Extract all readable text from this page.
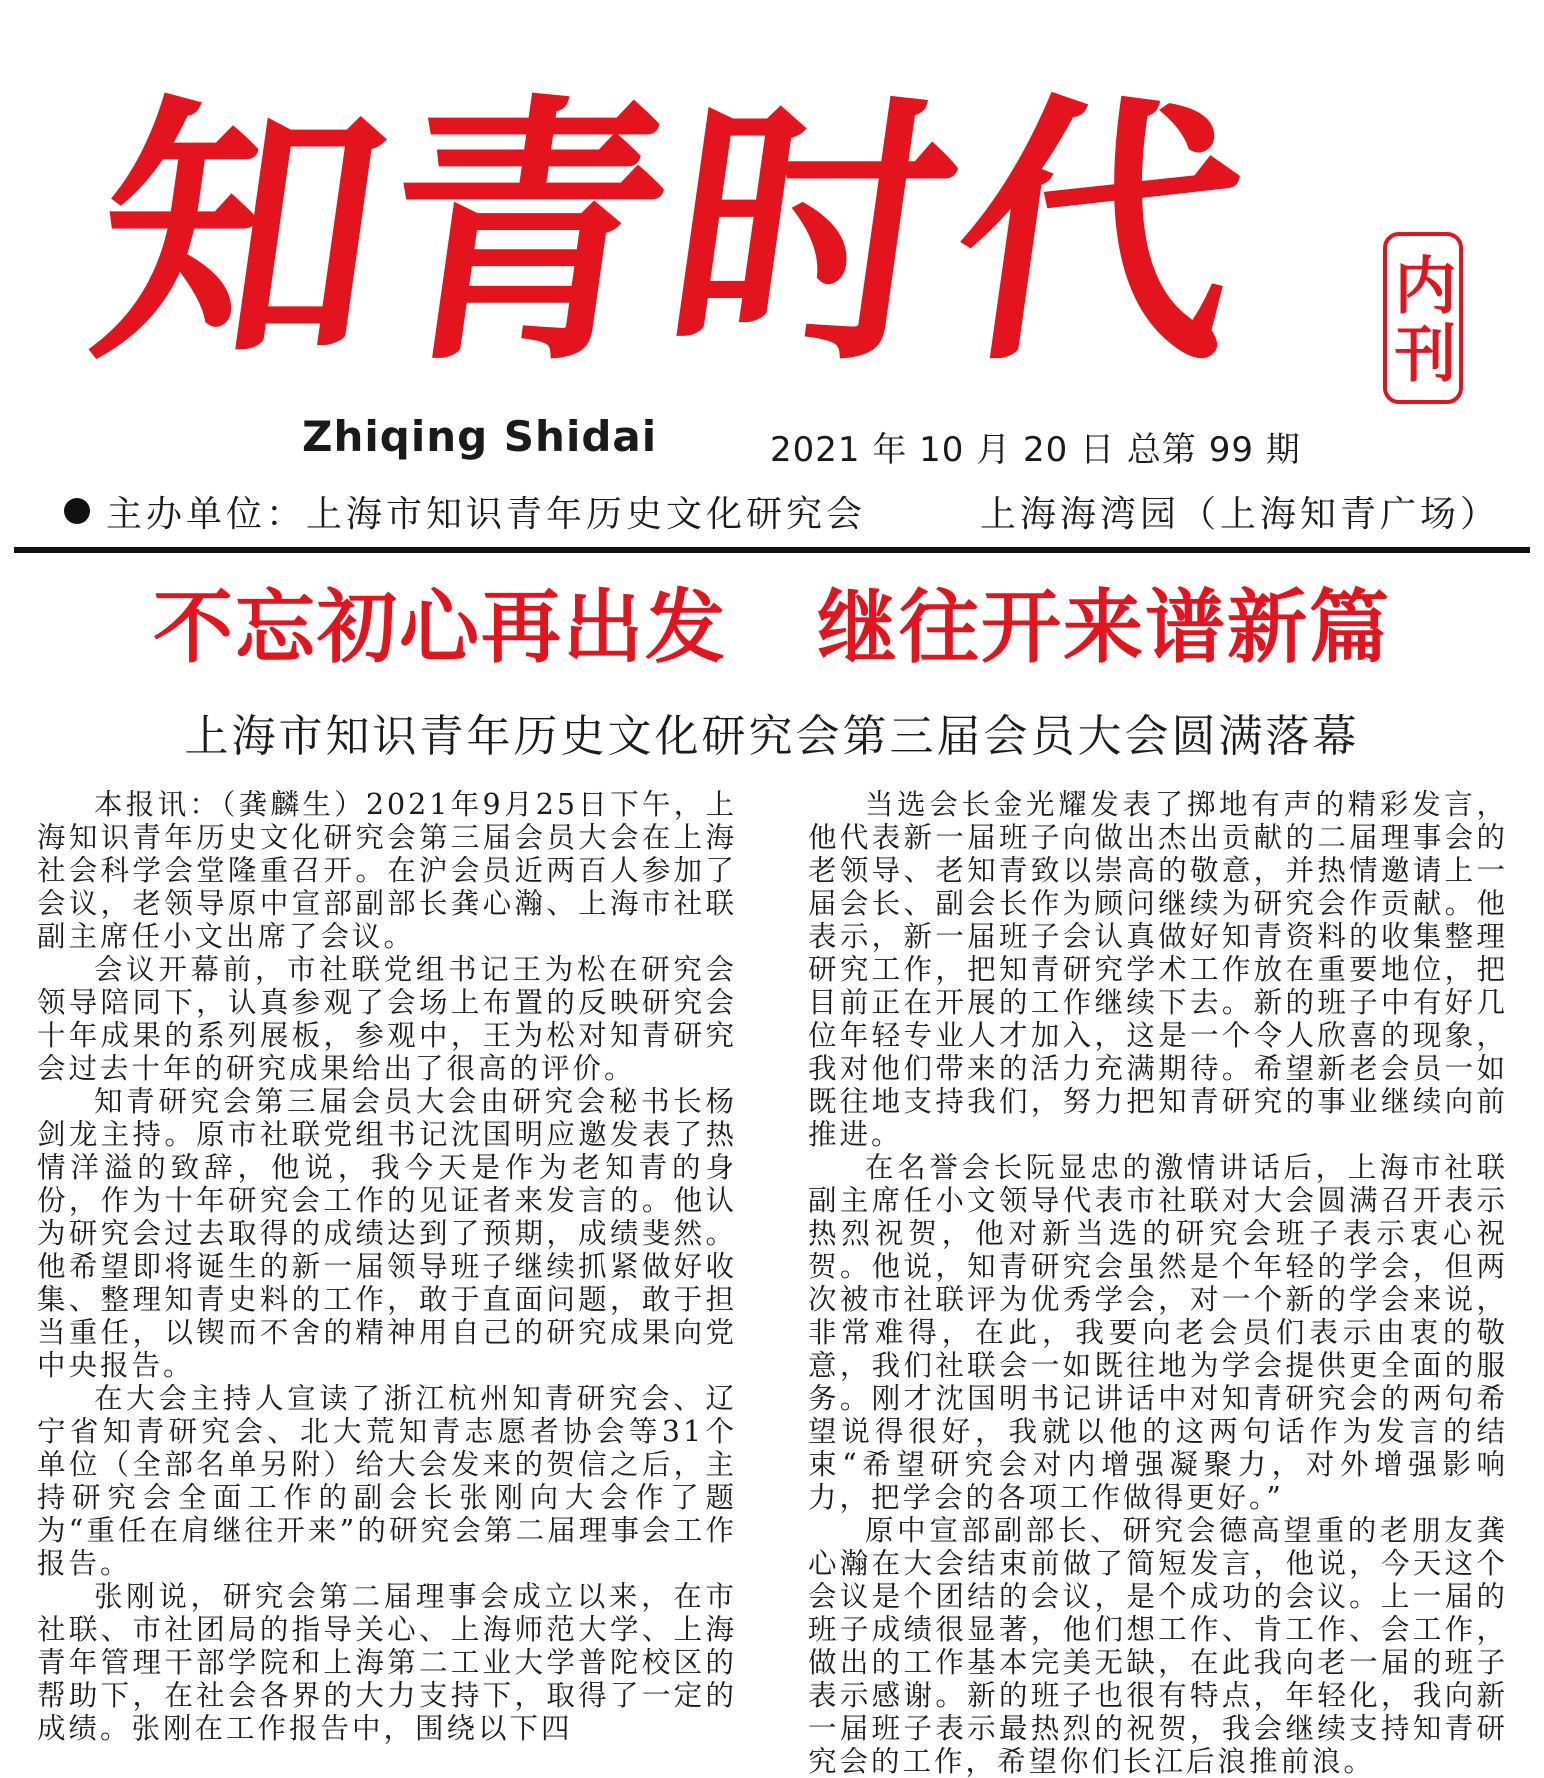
知青时代	内刊
Zhiqing Shidai	2021 年 10 月 20 日 总第 99 期
主办单位：上海市知识青年历史文化研究会	上海海湾园（上海知青广场）
不忘初心再出发 继往开来谱新篇
上海市知识青年历史文化研究会第三届会员大会圆满落幕

本报讯：（龚麟生）2021年9月25日下午，上海知识青年历史文化研究会第三届会员大会在上海社会科学会堂隆重召开。在沪会员近两百人参加了会议，老领导原中宣部副部长龚心瀚、上海市社联副主席任小文出席了会议。

会议开幕前，市社联党组书记王为松在研究会领导陪同下，认真参观了会场上布置的反映研究会十年成果的系列展板，参观中，王为松对知青研究会过去十年的研究成果给出了很高的评价。

知青研究会第三届会员大会由研究会秘书长杨剑龙主持。原市社联党组书记沈国明应邀发表了热情洋溢的致辞，他说，我今天是作为老知青的身份，作为十年研究会工作的见证者来发言的。他认为研究会过去取得的成绩达到了预期，成绩斐然。他希望即将诞生的新一届领导班子继续抓紧做好收集、整理知青史料的工作，敢于直面问题，敢于担当重任，以锲而不舍的精神用自己的研究成果向党中央报告。

在大会主持人宣读了浙江杭州知青研究会、辽宁省知青研究会、北大荒知青志愿者协会等31个单位（全部名单另附）给大会发来的贺信之后，主持研究会全面工作的副会长张刚向大会作了题为“重任在肩继往开来”的研究会第二届理事会工作报告。

张刚说，研究会第二届理事会成立以来，在市社联、市社团局的指导关心、上海师范大学、上海青年管理干部学院和上海第二工业大学普陀校区的帮助下，在社会各界的大力支持下，取得了一定的成绩。张刚在工作报告中，围绕以下四

当选会长金光耀发表了掷地有声的精彩发言，他代表新一届班子向做出杰出贡献的二届理事会的老领导、老知青致以崇高的敬意，并热情邀请上一届会长、副会长作为顾问继续为研究会作贡献。他表示，新一届班子会认真做好知青资料的收集整理研究工作，把知青研究学术工作放在重要地位，把目前正在开展的工作继续下去。新的班子中有好几位年轻专业人才加入，这是一个令人欣喜的现象，我对他们带来的活力充满期待。希望新老会员一如既往地支持我们，努力把知青研究的事业继续向前推进。

在名誉会长阮显忠的激情讲话后，上海市社联副主席任小文领导代表市社联对大会圆满召开表示热烈祝贺，他对新当选的研究会班子表示衷心祝贺。他说，知青研究会虽然是个年轻的学会，但两次被市社联评为优秀学会，对一个新的学会来说，非常难得，在此，我要向老会员们表示由衷的敬意，我们社联会一如既往地为学会提供更全面的服务。刚才沈国明书记讲话中对知青研究会的两句希望说得很好，我就以他的这两句话作为发言的结束“希望研究会对内增强凝聚力，对外增强影响力，把学会的各项工作做得更好。”

原中宣部副部长、研究会德高望重的老朋友龚心瀚在大会结束前做了简短发言，他说，今天这个会议是个团结的会议，是个成功的会议。上一届的班子成绩很显著，他们想工作、肯工作、会工作，做出的工作基本完美无缺，在此我向老一届的班子表示感谢。新的班子也很有特点，年轻化，我向新一届班子表示最热烈的祝贺，我会继续支持知青研究会的工作，希望你们长江后浪推前浪。
